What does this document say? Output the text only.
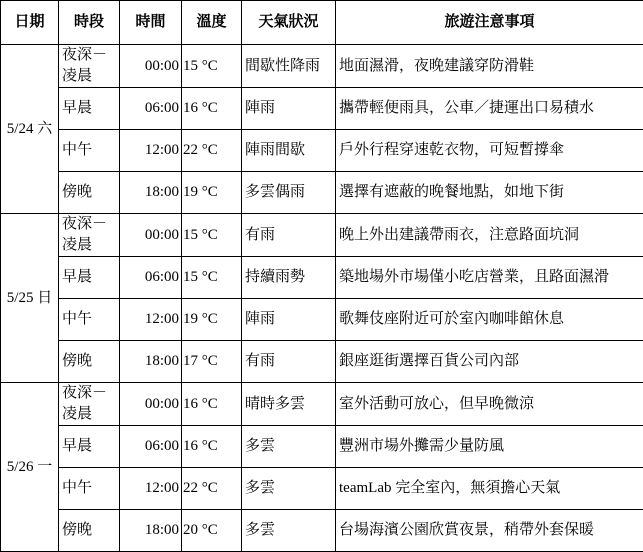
日期	時段	時間	溫度	天氣狀況	旅遊注意事項
5/24 六	夜深－凌晨	00:00	15 °C	間歇性降雨	地面濕滑，夜晚建議穿防滑鞋

	早晨	06:00	16 °C	陣雨	攜帶輕便雨具，公車／捷運出口易積水

	中午	12:00	22 °C	陣雨間歇	戶外行程穿速乾衣物，可短暫撐傘

	傍晚	18:00	19 °C	多雲偶雨	選擇有遮蔽的晚餐地點，如地下街
5/25 日	夜深－凌晨	00:00	15 °C	有雨	晚上外出建議帶雨衣，注意路面坑洞

	早晨	06:00	15 °C	持續雨勢	築地場外市場僅小吃店營業，且路面濕滑

	中午	12:00	19 °C	陣雨	歌舞伎座附近可於室內咖啡館休息

	傍晚	18:00	17 °C	有雨	銀座逛街選擇百貨公司內部
5/26 一	夜深－凌晨	00:00	16 °C	晴時多雲	室外活動可放心，但早晚微涼

	早晨	06:00	16 °C	多雲	豐洲市場外攤需少量防風

	中午	12:00	22 °C	多雲	teamLab 完全室內，無須擔心天氣

	傍晚	18:00	20 °C	多雲	台場海濱公園欣賞夜景，稍帶外套保暖
